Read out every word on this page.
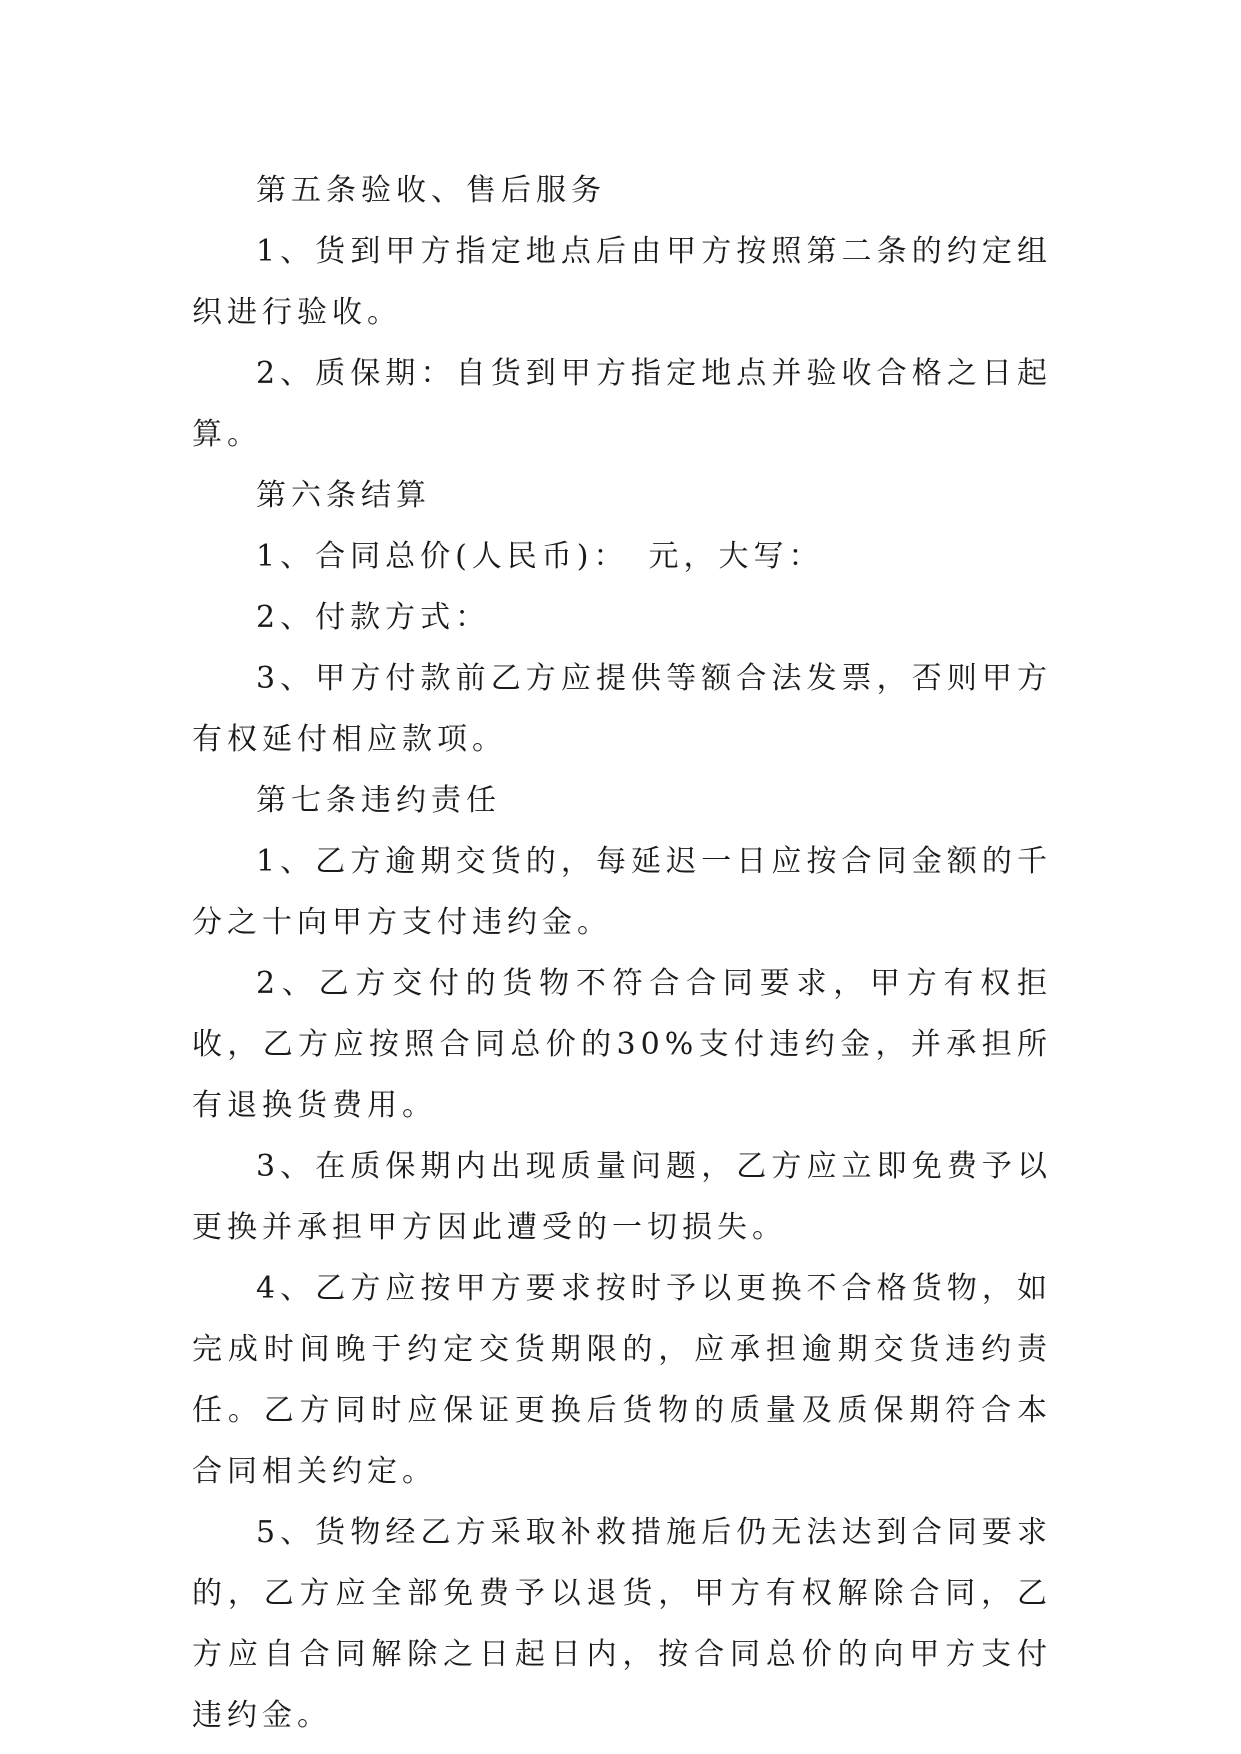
第五条验收、售后服务

1、货到甲方指定地点后由甲方按照第二条的约定组织进行验收。

2、质保期：自货到甲方指定地点并验收合格之日起算。

第六条结算

1、合同总价(人民币)：　元，大写：

2、付款方式：

3、甲方付款前乙方应提供等额合法发票，否则甲方有权延付相应款项。

第七条违约责任

1、乙方逾期交货的，每延迟一日应按合同金额的千分之十向甲方支付违约金。

2、乙方交付的货物不符合合同要求，甲方有权拒收，乙方应按照合同总价的30%支付违约金，并承担所有退换货费用。

3、在质保期内出现质量问题，乙方应立即免费予以更换并承担甲方因此遭受的一切损失。

4、乙方应按甲方要求按时予以更换不合格货物，如完成时间晚于约定交货期限的，应承担逾期交货违约责任。乙方同时应保证更换后货物的质量及质保期符合本合同相关约定。

5、货物经乙方采取补救措施后仍无法达到合同要求的，乙方应全部免费予以退货，甲方有权解除合同，乙方应自合同解除之日起日内，按合同总价的向甲方支付违约金。
